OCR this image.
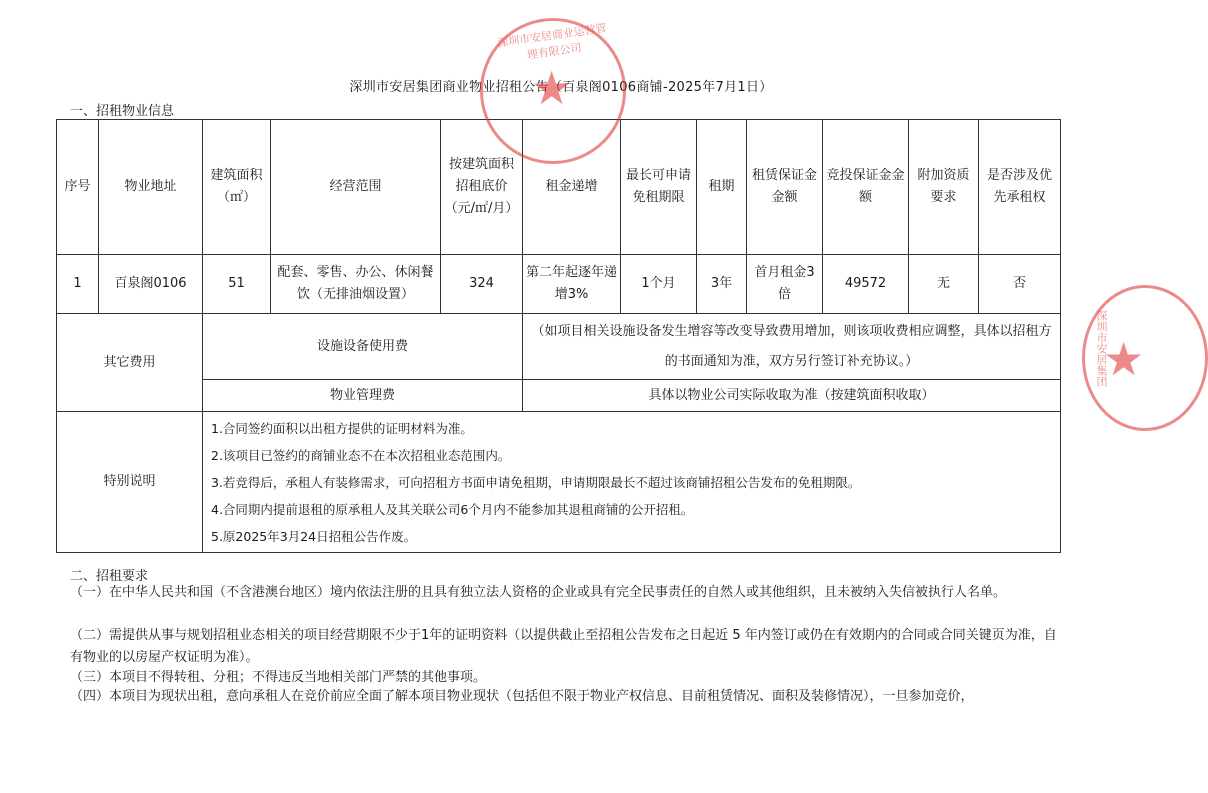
深圳市安居集团商业物业招租公告（百泉阁0106商铺-2025年7月1日）
一、招租物业信息
序号	物业地址	建筑面积（㎡）	经营范围	按建筑面积招租底价（元/㎡/月）	租金递增	最长可申请免租期限	租期	租赁保证金金额	竞投保证金金额	附加资质要求	是否涉及优先承租权
1	百泉阁0106	51	配套、零售、办公、休闲餐饮（无排油烟设置）	324	第二年起逐年递增3%	1个月	3年	首月租金3倍	49572	无	否
其它费用		设施设备使用费			（如项目相关设施设备发生增容等改变导致费用增加，则该项收费相应调整，具体以招租方的书面通知为准，双方另行签订补充协议。）						
		物业管理费			具体以物业公司实际收取为准（按建筑面积收取）						
特别说明		1.合同签约面积以出租方提供的证明材料为准。
2.该项目已签约的商铺业态不在本次招租业态范围内。
3.若竞得后，承租人有装修需求，可向招租方书面申请免租期，申请期限最长不超过该商铺招租公告发布的免租期限。
4.合同期内提前退租的原承租人及其关联公司6个月内不能参加其退租商铺的公开招租。
5.原2025年3月24日招租公告作废。									
二、招租要求
（一）在中华人民共和国（不含港澳台地区）境内依法注册的且具有独立法人资格的企业或具有完全民事责任的自然人或其他组织，且未被纳入失信被执行人名单。
（二）需提供从事与规划招租业态相关的项目经营期限不少于1年的证明资料（以提供截止至招租公告发布之日起近 5 年内签订或仍在有效期内的合同或合同关键页为准，自有物业的以房屋产权证明为准）。
（三）本项目不得转租、分租；不得违反当地相关部门严禁的其他事项。
（四）本项目为现状出租，意向承租人在竞价前应全面了解本项目物业现状（包括但不限于物业产权信息、目前租赁情况、面积及装修情况），一旦参加竞价，
深圳市安居商业运营管理有限公司
★
深圳市安居集团
★
